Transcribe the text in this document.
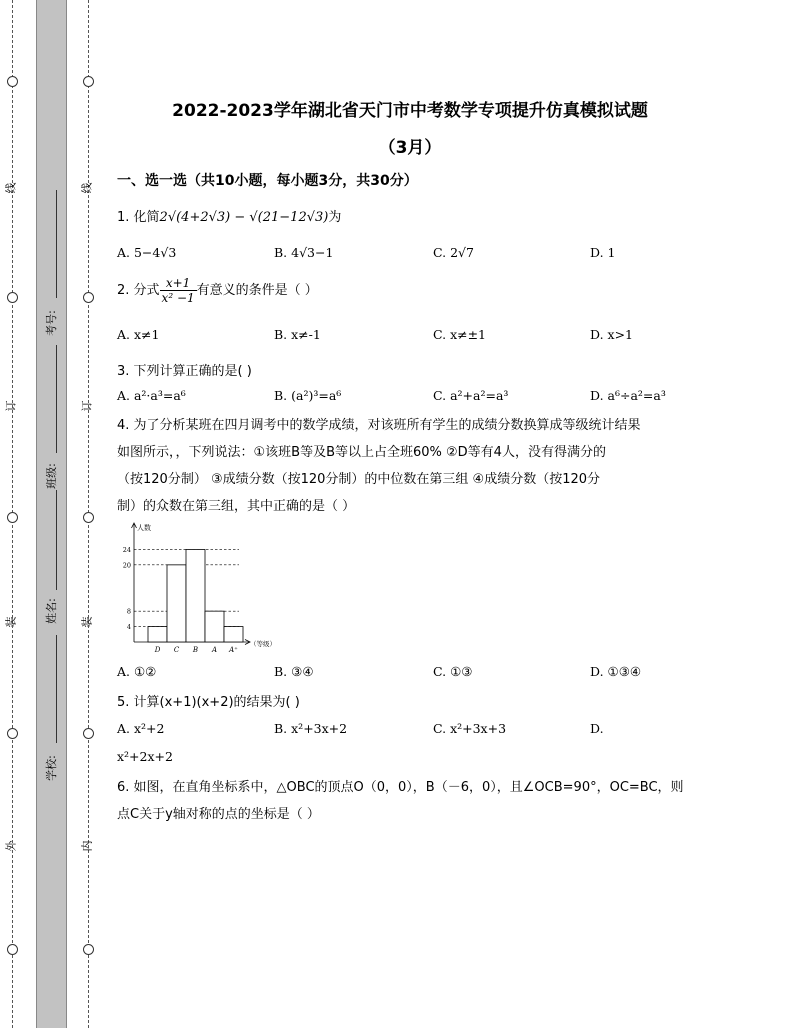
线
订
装
外
线
订
装
内
考号:
班级:
姓名:
学校:
2022-2023学年湖北省天门市中考数学专项提升仿真模拟试题
（3月）
一、选一选（共10小题，每小题3分，共30分）
1. 化简2√(4+2√3) − √(21−12√3)为
A. 5−4√3	B. 4√3−1	C. 2√7	D. 1
2. 分式 $\frac{x+1}{\text{x² −1}}$ 有意义的条件是（ ）
A. x≠1	B. x≠-1	C. x≠±1	D. x>1
3. 下列计算正确的是( )
A. a²·a³=a⁶	B. (a²)³=a⁶	C. a²+a²=a³	D. a⁶÷a²=a³
4. 为了分析某班在四月调考中的数学成绩，对该班所有学生的成绩分数换算成等级统计结果
如图所示，，下列说法：①该班B等及B等以上占全班60% ②D等有4人，没有得满分的
（按120分制） ③成绩分数（按120分制）的中位数在第三组 ④成绩分数（按120分
制）的众数在第三组，其中正确的是（ ）
人数
（等级）
4
8
20
24
D C B A A⁺
A. ①②	B. ③④	C. ①③	D. ①③④
5. 计算(x+1)(x+2)的结果为( )
A. x²+2	B. x²+3x+2	C. x²+3x+3	D.
x²+2x+2
6. 如图，在直角坐标系中，△OBC的顶点O（0，0），B（－6，0），且∠OCB=90°，OC=BC，则
点C关于y轴对称的点的坐标是（ ）
